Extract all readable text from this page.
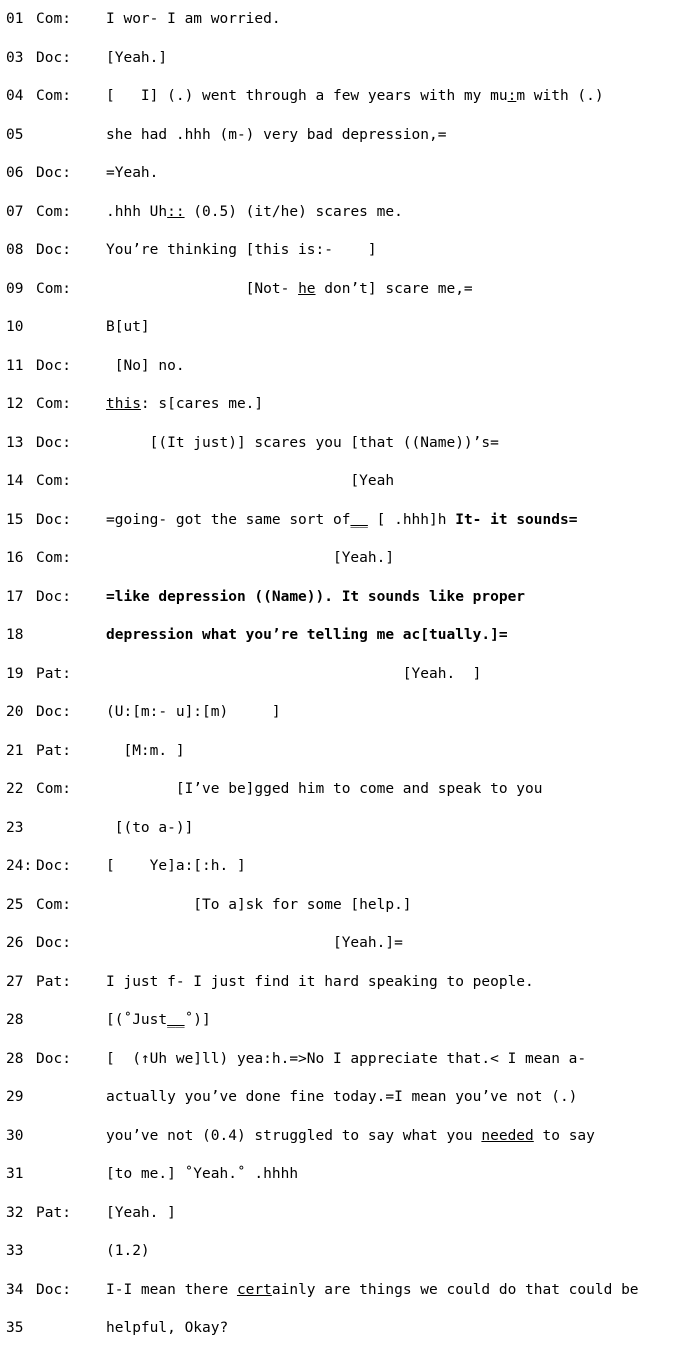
01 Com:	I wor- I am worried.
03 Doc:	[Yeah.]
04 Com:	[   I] (.) went through a few years with my mu:m with (.)
05	she had .hhh (m-) very bad depression,=
06 Doc:	=Yeah.
07 Com:	.hhh Uh:: (0.5) (it/he) scares me.
08 Doc:	You’re thinking [this is:-    ]
09 Com:	[Not- he don’t] scare me,=
10	B[ut]
11 Doc:	[No] no.
12 Com:	this: s[cares me.]
13 Doc:	[(It just)] scares you [that ((Name))’s=
14 Com:	[Yeah
15 Doc:	=going- got the same sort of__ [ .hhh]h It- it sounds=
16 Com:	[Yeah.]
17 Doc:	=like depression ((Name)). It sounds like proper
18	depression what you’re telling me ac[tually.]=
19 Pat:	[Yeah.  ]
20 Doc:	(U:[m:- u]:[m)     ]
21 Pat:	[M:m. ]
22 Com:	[I’ve be]gged him to come and speak to you
23	[(to a-)]
24: Doc:	[    Ye]a:[:h. ]
25 Com:	[To a]sk for some [help.]
26 Doc:	[Yeah.]=
27 Pat:	I just f- I just find it hard speaking to people.
28	[(˚Just__˚)]
28 Doc:	[  (↑Uh we]ll) yea:h.=>No I appreciate that.< I mean a-
29	actually you’ve done fine today.=I mean you’ve not (.)
30	you’ve not (0.4) struggled to say what you needed to say
31	[to me.] ˚Yeah.˚ .hhhh
32 Pat:	[Yeah. ]
33	(1.2)
34 Doc:	I-I mean there certainly are things we could do that could be
35	helpful, Okay?
